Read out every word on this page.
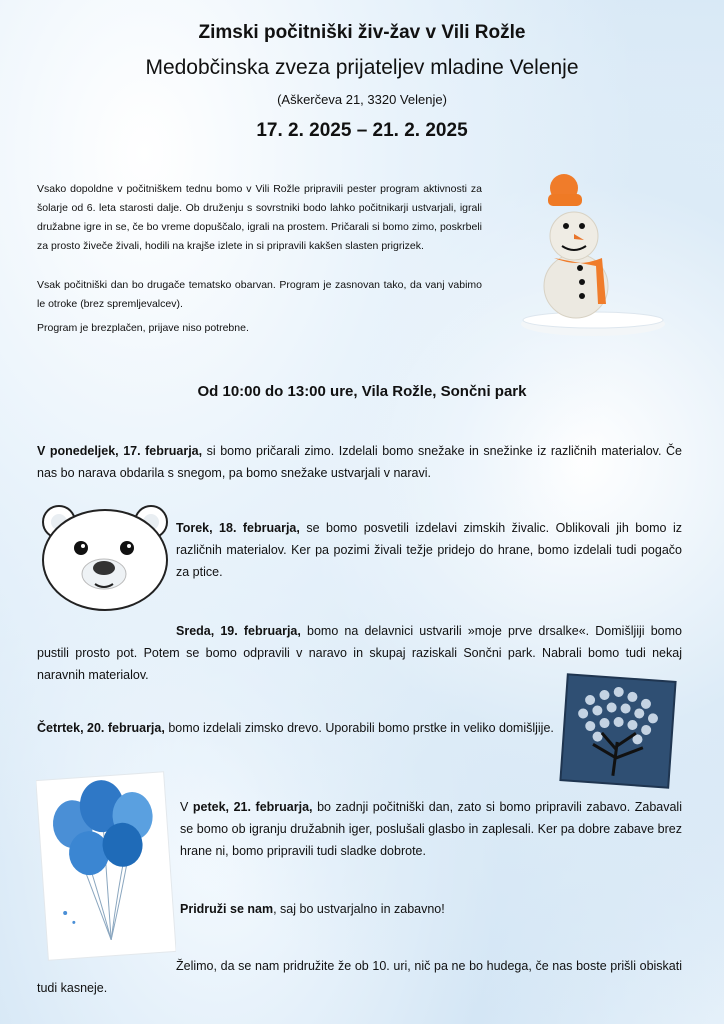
Zimski počitniški živ-žav v Vili Rožle
Medobčinska zveza prijateljev mladine Velenje
(Aškerčeva 21, 3320 Velenje)
17. 2. 2025 – 21. 2. 2025
Vsako dopoldne v počitniškem tednu bomo v Vili Rožle pripravili pester program aktivnosti za šolarje od 6. leta starosti dalje. Ob druženju s sovrstniki bodo lahko počitnikarji ustvarjali, igrali družabne igre in se, če bo vreme dopuščalo, igrali na prostem. Pričarali si bomo zimo, poskrbeli za prosto živeče živali, hodili na krajše izlete in si pripravili kakšen slasten prigrizek.
Vsak počitniški dan bo drugače tematsko obarvan. Program je zasnovan tako, da vanj vabimo le otroke (brez spremljevalcev).
Program je brezplačen, prijave niso potrebne.
Od 10:00 do 13:00 ure, Vila Rožle, Sončni park
V ponedeljek, 17. februarja, si bomo pričarali zimo. Izdelali bomo snežake in snežinke iz različnih materialov. Če nas bo narava obdarila s snegom, pa bomo snežake ustvarjali v naravi.
Torek, 18. februarja, se bomo posvetili izdelavi zimskih živalic. Oblikovali jih bomo iz različnih materialov. Ker pa pozimi živali težje pridejo do hrane, bomo izdelali tudi pogačo za ptice.
Sreda, 19. februarja, bomo na delavnici ustvarili »moje prve drsalke«. Domišljiji bomo pustili prosto pot. Potem se bomo odpravili v naravo in skupaj raziskali Sončni park. Nabrali bomo tudi nekaj naravnih materialov.
Četrtek, 20. februarja, bomo izdelali zimsko drevo. Uporabili bomo prstke in veliko domišljije.
V petek, 21. februarja, bo zadnji počitniški dan, zato si bomo pripravili zabavo. Zabavali se bomo ob igranju družabnih iger, poslušali glasbo in zaplesali. Ker pa dobre zabave brez hrane ni, bomo pripravili tudi sladke dobrote.
Pridruži se nam, saj bo ustvarjalno in zabavno!
Želimo, da se nam pridružite že ob 10. uri, nič pa ne bo hudega, če nas boste prišli obiskati tudi kasneje.
